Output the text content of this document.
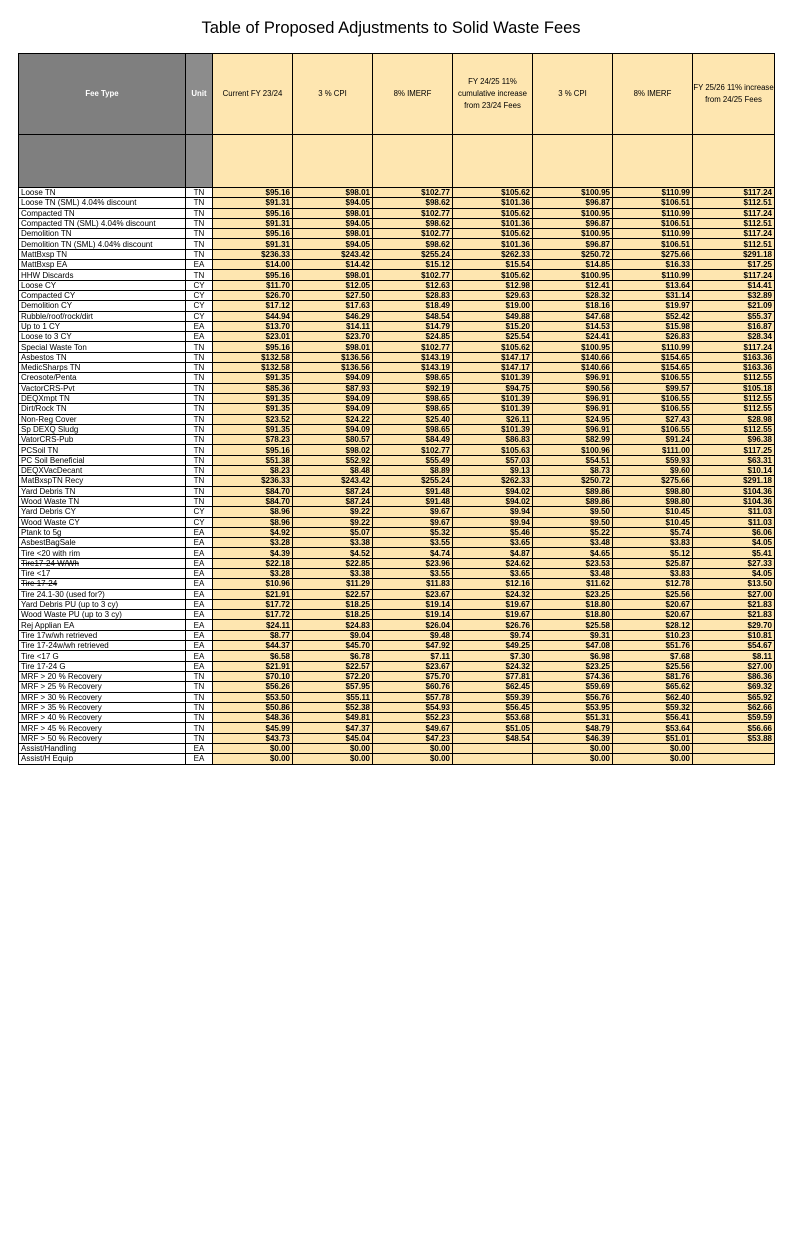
Table of Proposed Adjustments to Solid Waste Fees
Fee Type	Unit	Current FY 23/24	3 % CPI	8% IMERF	FY 24/25 11% cumulative increase from 23/24 Fees	3 % CPI	8% IMERF	FY 25/26 11% increase from 24/25 Fees

Loose TN	TN	$95.16	$98.01	$102.77	$105.62	$100.95	$110.99	$117.24
Loose TN (SML) 4.04% discount	TN	$91.31	$94.05	$98.62	$101.36	$96.87	$106.51	$112.51
Compacted TN	TN	$95.16	$98.01	$102.77	$105.62	$100.95	$110.99	$117.24
Compacted TN (SML) 4.04% discount	TN	$91.31	$94.05	$98.62	$101.36	$96.87	$106.51	$112.51
Demolition TN	TN	$95.16	$98.01	$102.77	$105.62	$100.95	$110.99	$117.24
Demolition TN (SML) 4.04% discount	TN	$91.31	$94.05	$98.62	$101.36	$96.87	$106.51	$112.51
MattBxsp TN	TN	$236.33	$243.42	$255.24	$262.33	$250.72	$275.66	$291.18
MattBxsp EA	EA	$14.00	$14.42	$15.12	$15.54	$14.85	$16.33	$17.25
HHW Discards	TN	$95.16	$98.01	$102.77	$105.62	$100.95	$110.99	$117.24
Loose CY	CY	$11.70	$12.05	$12.63	$12.98	$12.41	$13.64	$14.41
Compacted CY	CY	$26.70	$27.50	$28.83	$29.63	$28.32	$31.14	$32.89
Demolition CY	CY	$17.12	$17.63	$18.49	$19.00	$18.16	$19.97	$21.09
Rubble/roof/rock/dirt	CY	$44.94	$46.29	$48.54	$49.88	$47.68	$52.42	$55.37
Up to 1 CY	EA	$13.70	$14.11	$14.79	$15.20	$14.53	$15.98	$16.87
Loose to 3 CY	EA	$23.01	$23.70	$24.85	$25.54	$24.41	$26.83	$28.34
Special Waste Ton	TN	$95.16	$98.01	$102.77	$105.62	$100.95	$110.99	$117.24
Asbestos TN	TN	$132.58	$136.56	$143.19	$147.17	$140.66	$154.65	$163.36
MedicSharps TN	TN	$132.58	$136.56	$143.19	$147.17	$140.66	$154.65	$163.36
Creosote/Penta	TN	$91.35	$94.09	$98.65	$101.39	$96.91	$106.55	$112.55
VactorCRS-Pvt	TN	$85.36	$87.93	$92.19	$94.75	$90.56	$99.57	$105.18
DEQXmpt TN	TN	$91.35	$94.09	$98.65	$101.39	$96.91	$106.55	$112.55
Dirt/Rock TN	TN	$91.35	$94.09	$98.65	$101.39	$96.91	$106.55	$112.55
Non-Reg Cover	TN	$23.52	$24.22	$25.40	$26.11	$24.95	$27.43	$28.98
Sp DEXQ Sludg	TN	$91.35	$94.09	$98.65	$101.39	$96.91	$106.55	$112.55
VatorCRS-Pub	TN	$78.23	$80.57	$84.49	$86.83	$82.99	$91.24	$96.38
PCSoil TN	TN	$95.16	$98.02	$102.77	$105.63	$100.96	$111.00	$117.25
PC Soil Beneficial	TN	$51.38	$52.92	$55.49	$57.03	$54.51	$59.93	$63.31
DEQXVacDecant	TN	$8.23	$8.48	$8.89	$9.13	$8.73	$9.60	$10.14
MatBxspTN Recy	TN	$236.33	$243.42	$255.24	$262.33	$250.72	$275.66	$291.18
Yard Debris TN	TN	$84.70	$87.24	$91.48	$94.02	$89.86	$98.80	$104.36
Wood Waste TN	TN	$84.70	$87.24	$91.48	$94.02	$89.86	$98.80	$104.36
Yard Debris CY	CY	$8.96	$9.22	$9.67	$9.94	$9.50	$10.45	$11.03
Wood Waste CY	CY	$8.96	$9.22	$9.67	$9.94	$9.50	$10.45	$11.03
Ptank to 5g	EA	$4.92	$5.07	$5.32	$5.46	$5.22	$5.74	$6.06
AsbestBagSale	EA	$3.28	$3.38	$3.55	$3.65	$3.48	$3.83	$4.05
Tire <20 with rim	EA	$4.39	$4.52	$4.74	$4.87	$4.65	$5.12	$5.41
Tire17-24 W/Wh	EA	$22.18	$22.85	$23.96	$24.62	$23.53	$25.87	$27.33
Tire <17	EA	$3.28	$3.38	$3.55	$3.65	$3.48	$3.83	$4.05
Tire 17-24	EA	$10.96	$11.29	$11.83	$12.16	$11.62	$12.78	$13.50
Tire 24.1-30 (used for?)	EA	$21.91	$22.57	$23.67	$24.32	$23.25	$25.56	$27.00
Yard Debris PU (up to 3 cy)	EA	$17.72	$18.25	$19.14	$19.67	$18.80	$20.67	$21.83
Wood Waste PU (up to 3 cy)	EA	$17.72	$18.25	$19.14	$19.67	$18.80	$20.67	$21.83
Rej Applian EA	EA	$24.11	$24.83	$26.04	$26.76	$25.58	$28.12	$29.70
Tire 17w/wh retrieved	EA	$8.77	$9.04	$9.48	$9.74	$9.31	$10.23	$10.81
Tire 17-24w/wh retrieved	EA	$44.37	$45.70	$47.92	$49.25	$47.08	$51.76	$54.67
Tire <17 G	EA	$6.58	$6.78	$7.11	$7.30	$6.98	$7.68	$8.11
Tire 17-24 G	EA	$21.91	$22.57	$23.67	$24.32	$23.25	$25.56	$27.00
MRF > 20 % Recovery	TN	$70.10	$72.20	$75.70	$77.81	$74.36	$81.76	$86.36
MRF > 25 % Recovery	TN	$56.26	$57.95	$60.76	$62.45	$59.69	$65.62	$69.32
MRF > 30 % Recovery	TN	$53.50	$55.11	$57.78	$59.39	$56.76	$62.40	$65.92
MRF > 35 % Recovery	TN	$50.86	$52.38	$54.93	$56.45	$53.95	$59.32	$62.66
MRF > 40 % Recovery	TN	$48.36	$49.81	$52.23	$53.68	$51.31	$56.41	$59.59
MRF > 45 % Recovery	TN	$45.99	$47.37	$49.67	$51.05	$48.79	$53.64	$56.66
MRF > 50 % Recovery	TN	$43.73	$45.04	$47.23	$48.54	$46.39	$51.01	$53.88
Assist/Handling	EA	$0.00	$0.00	$0.00		$0.00	$0.00	
Assist/H Equip	EA	$0.00	$0.00	$0.00		$0.00	$0.00	
